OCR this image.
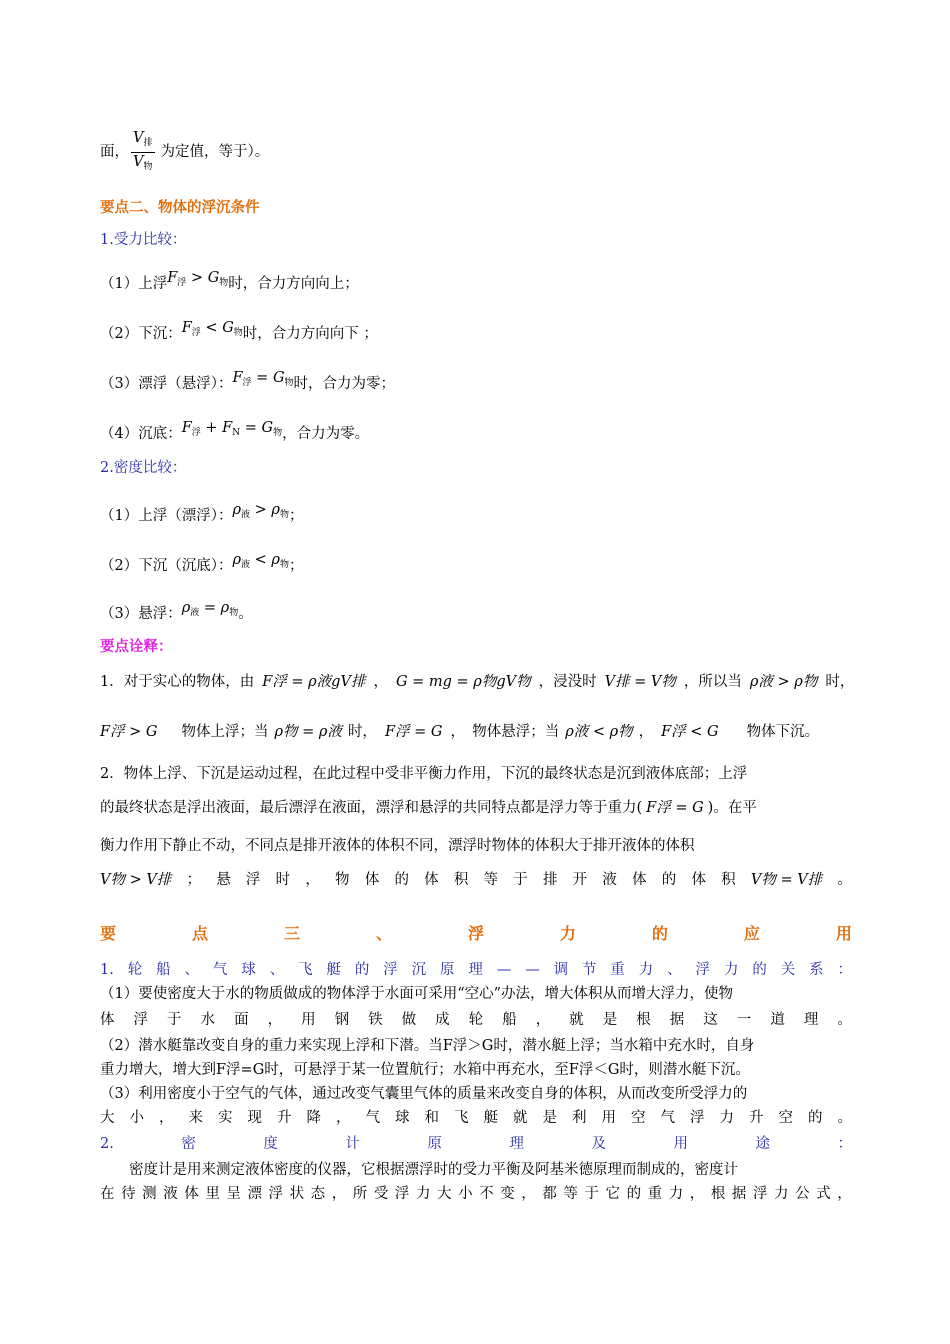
面， $\frac{V_排}{V_物}$ 为定值，等于）。
要点二、物体的浮沉条件
1.受力比较：
（1）上浮$F_浮 > G_物$时，合力方向向上；
（2）下沉：$F_浮 < G_物$时，合力方向向下 ；
（3）漂浮（悬浮）：$F_浮 = G_物$时，合力为零；
（4）沉底：$F_浮 + F_N = G_物$，合力为零。
2.密度比较：
（1）上浮（漂浮）：$\rho_液 > \rho_物$；
（2）下沉（沉底）：$\rho_液 < \rho_物$；
（3）悬浮：$\rho_液 = \rho_物$。
要点诠释：
1．对于实心的物体，由 F浮 = ρ液gV排 ， G = mg = ρ物gV物 ，浸没时 V排 = V物 ，所以当 ρ液 > ρ物 时，
F浮 > G 物体上浮；当 ρ物 = ρ液 时， F浮 = G ，　物体悬浮；当 ρ液 < ρ物 ， F浮 < G 物体下沉。
2．物体上浮、下沉是运动过程，在此过程中受非平衡力作用，下沉的最终状态是沉到液体底部；上浮
的最终状态是浮出液面，最后漂浮在液面，漂浮和悬浮的共同特点都是浮力等于重力( F浮 = G )。在平
衡力作用下静止不动，不同点是排开液体的体积不同，漂浮时物体的体积大于排开液体的体积
V物 > V排 ； 悬 浮 时 ， 物 体 的 体 积 等 于 排 开 液 体 的 体 积 V物 = V排 。
要	点	三	、	浮	力	的	应	用
1. 轮 船 、 气 球 、 飞 艇 的 浮 沉 原 理 — — 调 节 重 力 、 浮 力 的 关 系 ：
（1）要使密度大于水的物质做成的物体浮于水面可采用“空心”办法，增大体积从而增大浮力，使物
体 浮 于 水 面 ， 用 钢 铁 做 成 轮 船 ， 就 是 根 据 这 一 道 理 。
（2）潜水艇靠改变自身的重力来实现上浮和下潜。当F浮＞G时，潜水艇上浮；当水箱中充水时，自身
重力增大，增大到F浮=G时，可悬浮于某一位置航行；水箱中再充水，至F浮＜G时，则潜水艇下沉。
（3）利用密度小于空气的气体，通过改变气囊里气体的质量来改变自身的体积，从而改变所受浮力的
大 小 ， 来 实 现 升 降 ， 气 球 和 飞 艇 就 是 利 用 空 气 浮 力 升 空 的 。
2.	密	度	计	原	理	及	用	途	：
　　密度计是用来测定液体密度的仪器，它根据漂浮时的受力平衡及阿基米德原理而制成的，密度计
在 待 测 液 体 里 呈 漂 浮 状 态 ， 所 受 浮 力 大 小 不 变 ， 都 等 于 它 的 重 力 ， 根 据 浮 力 公 式 ，
